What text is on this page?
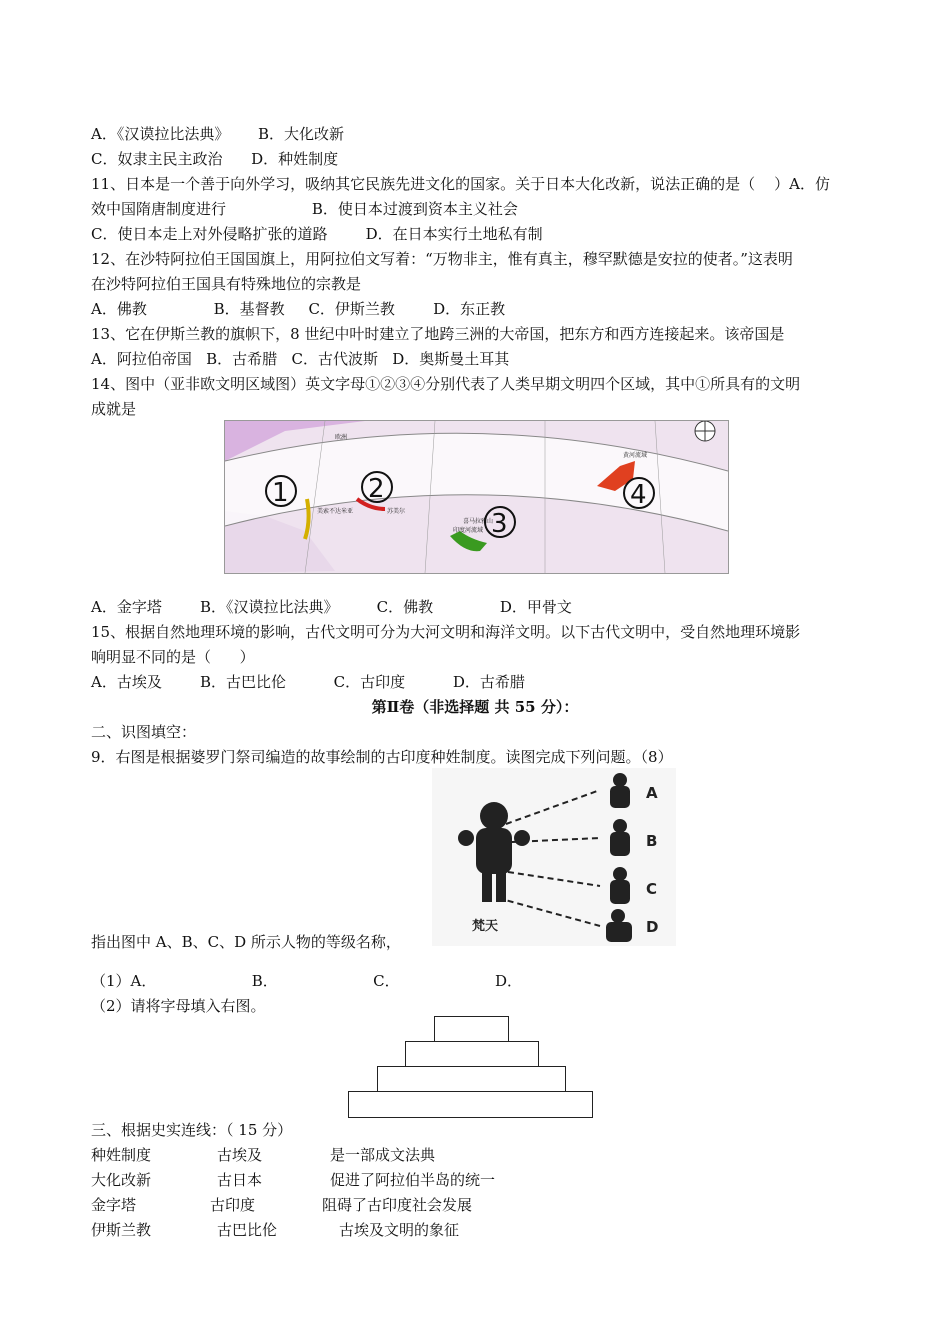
A．《汉谟拉比法典》      B．大化改新
C．奴隶主民主政治      D．种姓制度
11、日本是一个善于向外学习，吸纳其它民族先进文化的国家。关于日本大化改新，说法正确的是（    ）A．仿
效中国隋唐制度进行                  B．使日本过渡到资本主义社会
C．使日本走上对外侵略扩张的道路        D．在日本实行土地私有制
12、在沙特阿拉伯王国国旗上，用阿拉伯文写着：“万物非主，惟有真主，穆罕默德是安拉的使者。”这表明
在沙特阿拉伯王国具有特殊地位的宗教是
A．佛教              B．基督教     C．伊斯兰教        D．东正教
13、它在伊斯兰教的旗帜下，8 世纪中叶时建立了地跨三洲的大帝国，把东方和西方连接起来。该帝国是
A．阿拉伯帝国   B．古希腊   C．古代波斯   D．奥斯曼土耳其
14、图中（亚非欧文明区域图）英文字母①②③④分别代表了人类早期文明四个区域，其中①所具有的文明
成就是
欧洲
美索不达米亚	苏美尔
印度河流域
喜马拉雅山
黄河流域
1	2
3
4
A．金字塔        B．《汉谟拉比法典》        C．佛教              D．甲骨文
15、根据自然地理环境的影响，古代文明可分为大河文明和海洋文明。以下古代文明中，受自然地理环境影
响明显不同的是（      ）
A．古埃及        B．古巴比伦          C．古印度          D．古希腊
第Ⅱ卷（非选择题 共 55 分）：
二、识图填空：
9．右图是根据婆罗门祭司编造的故事绘制的古印度种姓制度。读图完成下列问题。（8）
A
B
C
D
梵天
指出图中 A、B、C、D 所示人物的等级名称，
（1）A．                    B．                    C．                    D．
（2）请将字母填入右图。
三、根据史实连线：（ 15 分）
种姓制度
大化改新
金字塔
伊斯兰教
古埃及
古日本
古印度
古巴比伦
是一部成文法典
促进了阿拉伯半岛的统一
阻碍了古印度社会发展
古埃及文明的象征
